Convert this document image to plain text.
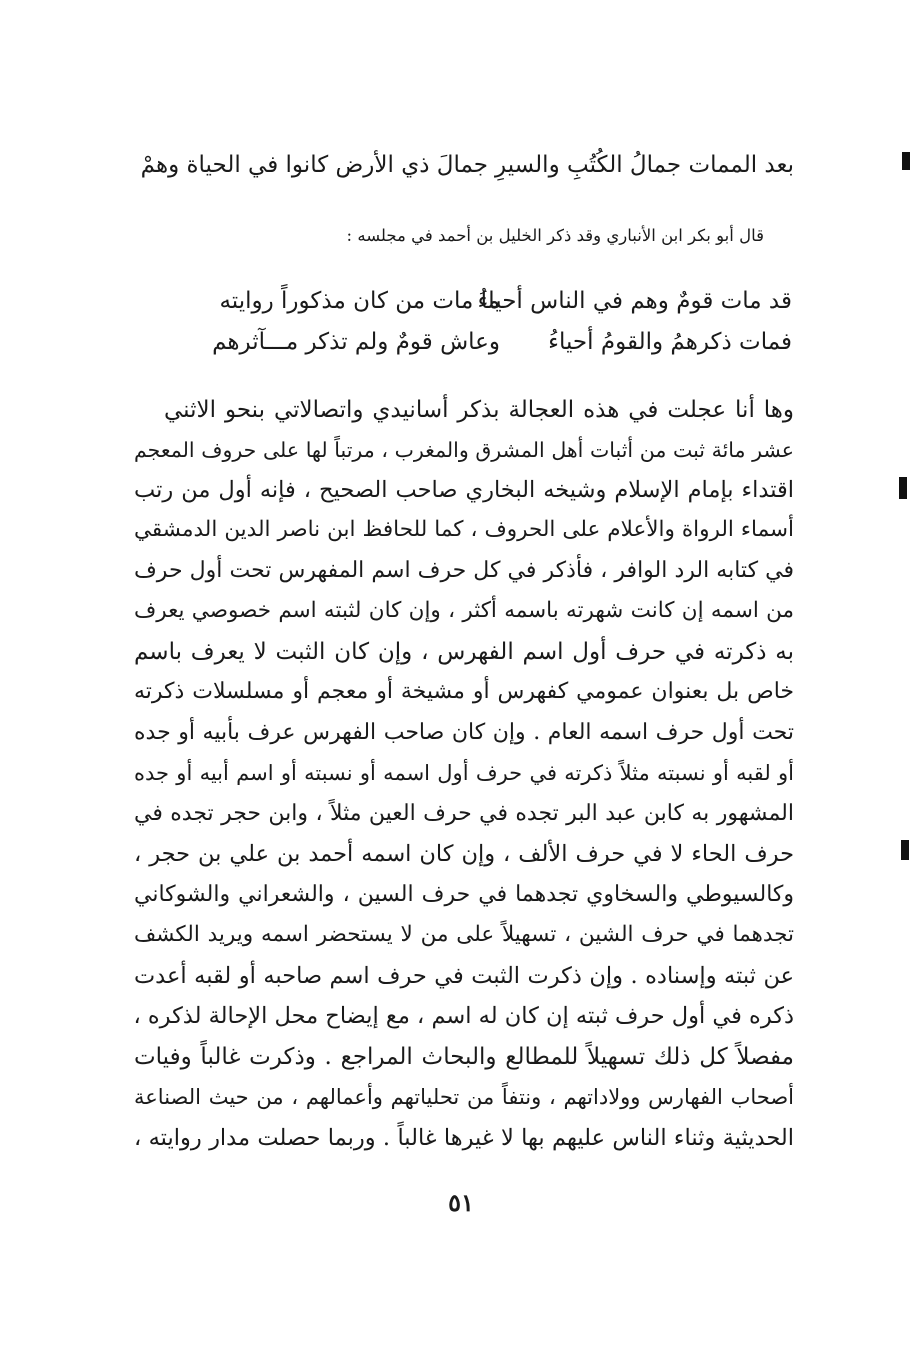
جمالَ ذي الأرض كانوا في الحياة وهمْ بعد الممات جمالُ الكُتُبِ والسيرِ
قال أبو بكر ابن الأنباري وقد ذكر الخليل بن أحمد في مجلسه :
ما مات من كان مذكوراً روايته
قد مات قومٌ وهم في الناس أحياءُ
وعاش قومٌ ولم تذكر مـــآثرهم فمات ذكرهمُ والقومُ أحياءُ
وها أنا عجلت في هذه العجالة بذكر أسانيدي واتصالاتي بنحو الاثني
عشر مائة ثبت من أثبات أهل المشرق والمغرب ، مرتباً لها على حروف المعجم
اقتداء بإمام الإسلام وشيخه البخاري صاحب الصحيح ، فإنه أول من رتب
أسماء الرواة والأعلام على الحروف ، كما للحافظ ابن ناصر الدين الدمشقي
في كتابه الرد الوافر ، فأذكر في كل حرف اسم المفهرس تحت أول حرف
من اسمه إن كانت شهرته باسمه أكثر ، وإن كان لثبته اسم خصوصي يعرف
به ذكرته في حرف أول اسم الفهرس ، وإن كان الثبت لا يعرف باسم
خاص بل بعنوان عمومي كفهرس أو مشيخة أو معجم أو مسلسلات ذكرته
تحت أول حرف اسمه العام . وإن كان صاحب الفهرس عرف بأبيه أو جده
أو لقبه أو نسبته مثلاً ذكرته في حرف أول اسمه أو نسبته أو اسم أبيه أو جده
المشهور به كابن عبد البر تجده في حرف العين مثلاً ، وابن حجر تجده في
حرف الحاء لا في حرف الألف ، وإن كان اسمه أحمد بن علي بن حجر ،
وكالسيوطي والسخاوي تجدهما في حرف السين ، والشعراني والشوكاني
تجدهما في حرف الشين ، تسهيلاً على من لا يستحضر اسمه ويريد الكشف
عن ثبته وإسناده . وإن ذكرت الثبت في حرف اسم صاحبه أو لقبه أعدت
ذكره في أول حرف ثبته إن كان له اسم ، مع إيضاح محل الإحالة لذكره ،
مفصلاً كل ذلك تسهيلاً للمطالع والبحاث المراجع . وذكرت غالباً وفيات
أصحاب الفهارس وولاداتهم ، ونتفاً من تحلياتهم وأعمالهم ، من حيث الصناعة
الحديثية وثناء الناس عليهم بها لا غيرها غالباً . وربما حصلت مدار روايته ،
٥١
